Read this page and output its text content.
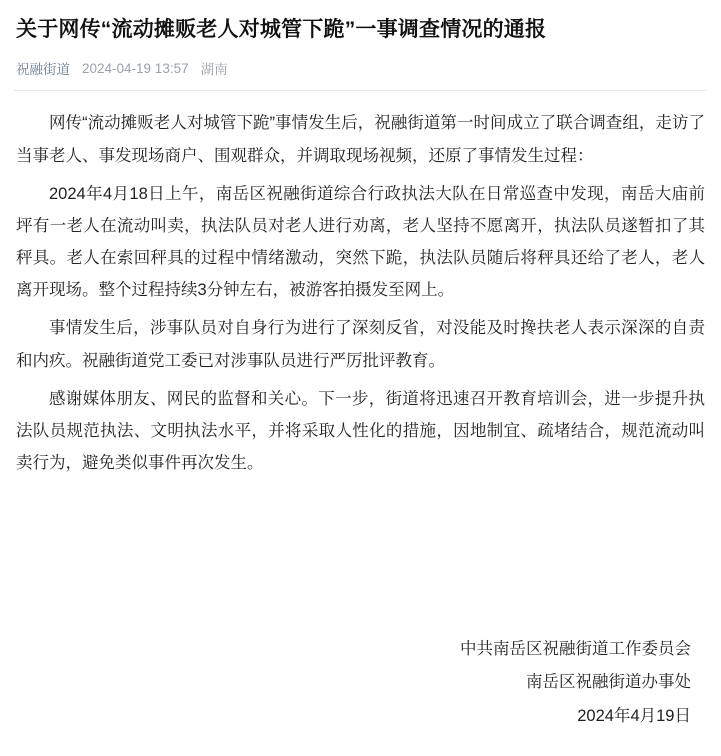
关于网传“流动摊贩老人对城管下跪”一事调查情况的通报
祝融街道 2024-04-19 13:57 湖南

网传“流动摊贩老人对城管下跪”事情发生后，祝融街道第一时间成立了联合调查组，走访了当事老人、事发现场商户、围观群众，并调取现场视频，还原了事情发生过程：

2024年4月18日上午，南岳区祝融街道综合行政执法大队在日常巡查中发现，南岳大庙前坪有一老人在流动叫卖，执法队员对老人进行劝离，老人坚持不愿离开，执法队员遂暂扣了其秤具。老人在索回秤具的过程中情绪激动，突然下跪，执法队员随后将秤具还给了老人，老人离开现场。整个过程持续3分钟左右，被游客拍摄发至网上。

事情发生后，涉事队员对自身行为进行了深刻反省，对没能及时搀扶老人表示深深的自责和内疚。祝融街道党工委已对涉事队员进行严厉批评教育。

感谢媒体朋友、网民的监督和关心。下一步，街道将迅速召开教育培训会，进一步提升执法队员规范执法、文明执法水平，并将采取人性化的措施，因地制宜、疏堵结合，规范流动叫卖行为，避免类似事件再次发生。

中共南岳区祝融街道工作委员会
南岳区祝融街道办事处
2024年4月19日
